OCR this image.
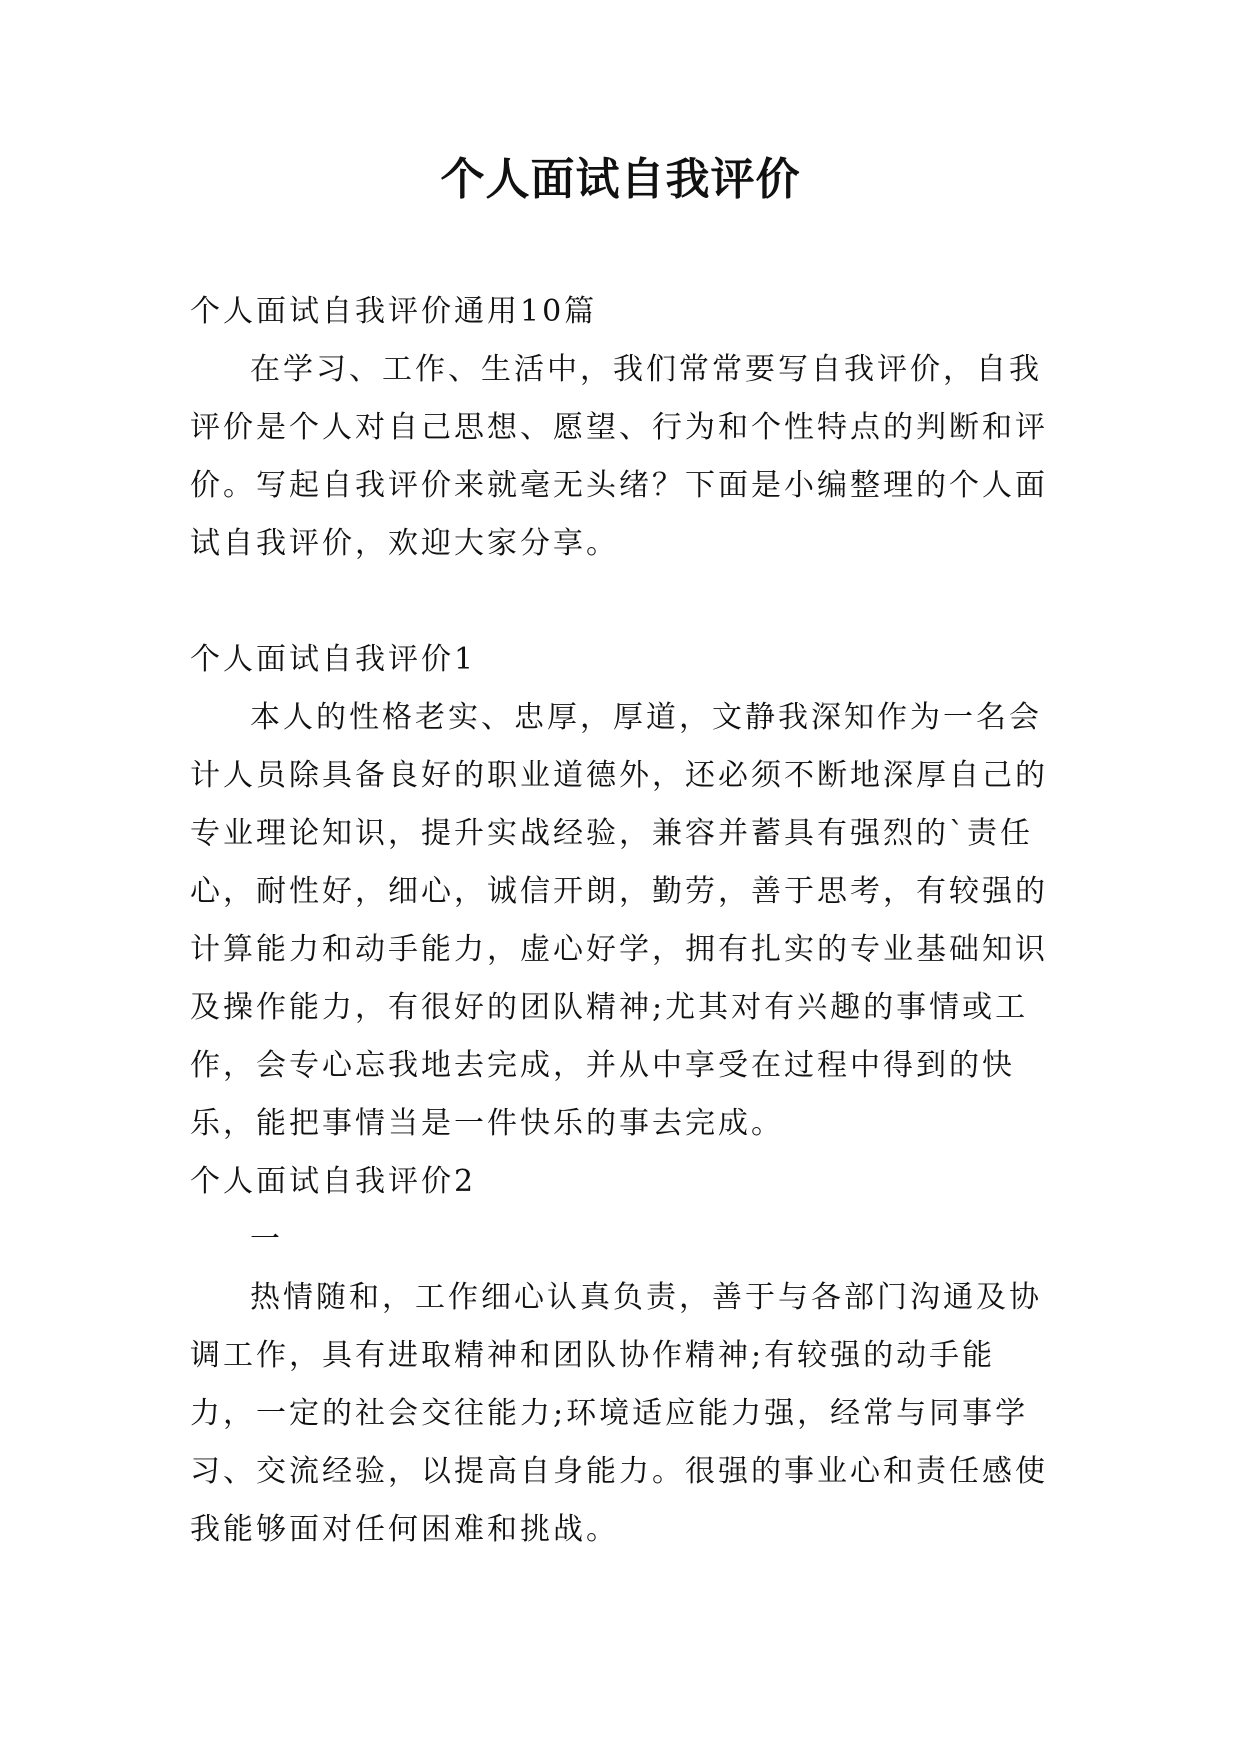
个人面试自我评价

个人面试自我评价通用10篇

在学习、工作、生活中，我们常常要写自我评价，自我评价是个人对自己思想、愿望、行为和个性特点的判断和评价。写起自我评价来就毫无头绪？下面是小编整理的个人面试自我评价，欢迎大家分享。

个人面试自我评价1

本人的性格老实、忠厚，厚道，文静我深知作为一名会计人员除具备良好的职业道德外，还必须不断地深厚自己的专业理论知识，提升实战经验，兼容并蓄具有强烈的`责任心，耐性好，细心，诚信开朗，勤劳，善于思考，有较强的计算能力和动手能力，虚心好学，拥有扎实的专业基础知识及操作能力，有很好的团队精神;尤其对有兴趣的事情或工作，会专心忘我地去完成，并从中享受在过程中得到的快乐，能把事情当是一件快乐的事去完成。

个人面试自我评价2

一

热情随和，工作细心认真负责，善于与各部门沟通及协调工作，具有进取精神和团队协作精神;有较强的动手能力，一定的社会交往能力;环境适应能力强，经常与同事学习、交流经验，以提高自身能力。很强的事业心和责任感使我能够面对任何困难和挑战。
